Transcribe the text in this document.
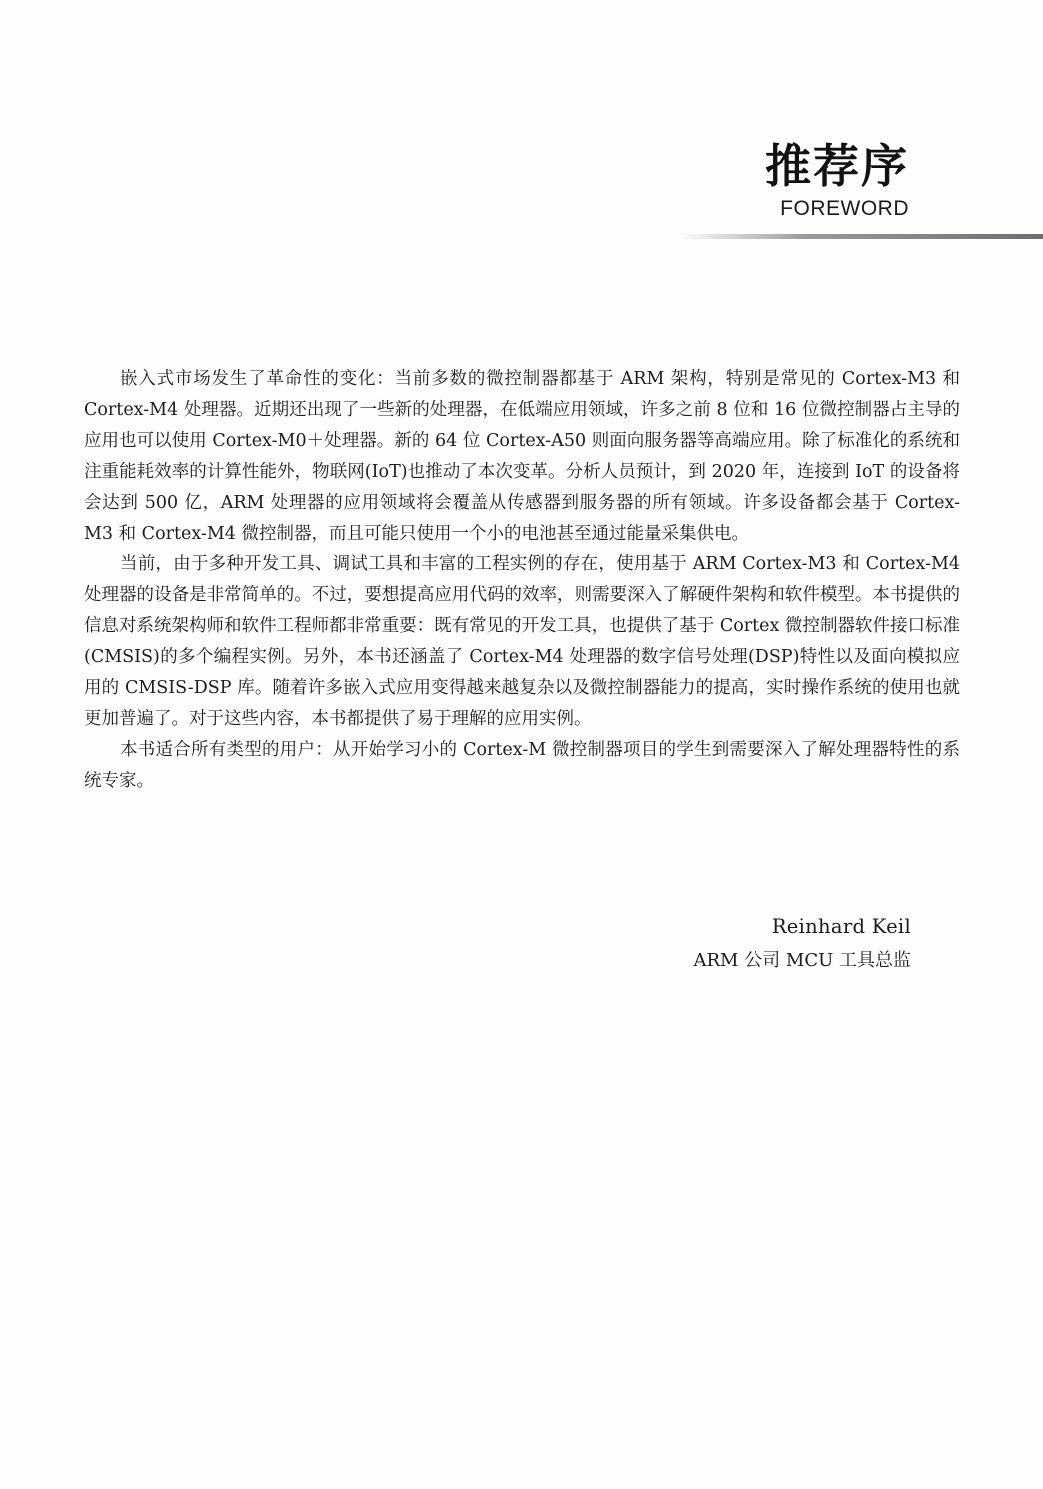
推荐序
FOREWORD

嵌入式市场发生了革命性的变化：当前多数的微控制器都基于 ARM 架构，特别是常见的 Cortex-M3 和 Cortex-M4 处理器。近期还出现了一些新的处理器，在低端应用领域，许多之前 8 位和 16 位微控制器占主导的应用也可以使用 Cortex-M0＋处理器。新的 64 位 Cortex-A50 则面向服务器等高端应用。除了标准化的系统和注重能耗效率的计算性能外，物联网(IoT)也推动了本次变革。分析人员预计，到 2020 年，连接到 IoT 的设备将会达到 500 亿，ARM 处理器的应用领域将会覆盖从传感器到服务器的所有领域。许多设备都会基于 Cortex-M3 和 Cortex-M4 微控制器，而且可能只使用一个小的电池甚至通过能量采集供电。

当前，由于多种开发工具、调试工具和丰富的工程实例的存在，使用基于 ARM Cortex-M3 和 Cortex-M4 处理器的设备是非常简单的。不过，要想提高应用代码的效率，则需要深入了解硬件架构和软件模型。本书提供的信息对系统架构师和软件工程师都非常重要：既有常见的开发工具，也提供了基于 Cortex 微控制器软件接口标准(CMSIS)的多个编程实例。另外，本书还涵盖了 Cortex-M4 处理器的数字信号处理(DSP)特性以及面向模拟应用的 CMSIS-DSP 库。随着许多嵌入式应用变得越来越复杂以及微控制器能力的提高，实时操作系统的使用也就更加普遍了。对于这些内容，本书都提供了易于理解的应用实例。

本书适合所有类型的用户：从开始学习小的 Cortex-M 微控制器项目的学生到需要深入了解处理器特性的系统专家。

Reinhard Keil
ARM 公司 MCU 工具总监
